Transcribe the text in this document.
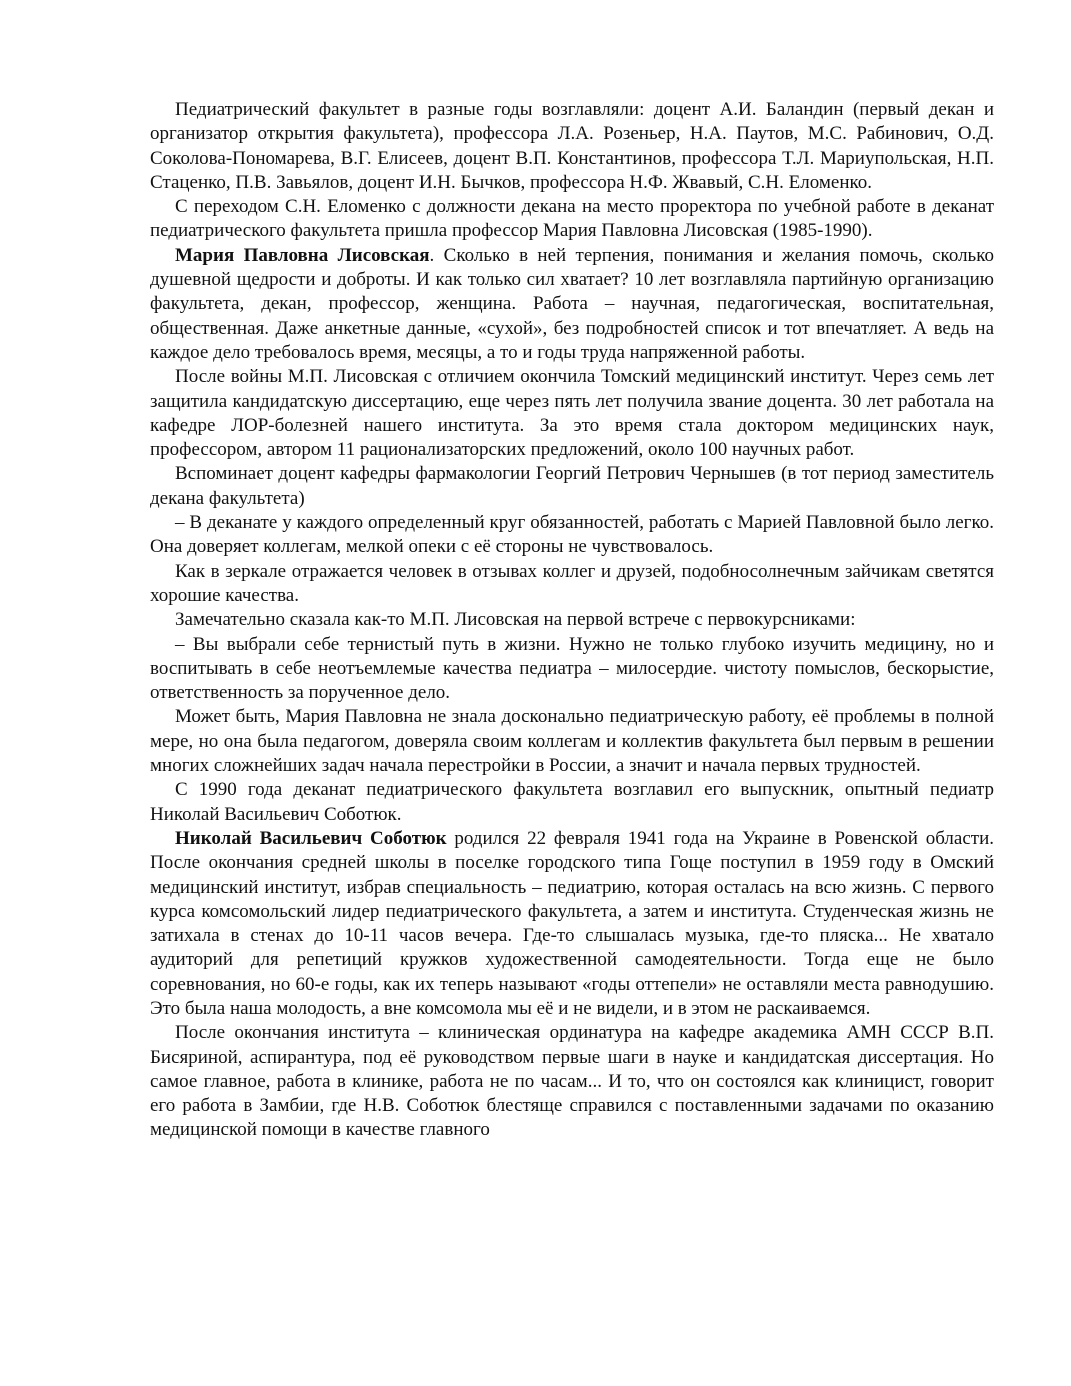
Педиатрический факультет в разные годы возглавляли: доцент А.И. Баландин (первый декан и организатор открытия факультета), профессора Л.А. Розеньер, Н.А. Паутов, М.С. Рабинович, О.Д. Соколова-Пономарева, В.Г. Елисеев, доцент В.П. Константинов, профессора Т.Л. Мариупольская, Н.П. Стаценко, П.В. Завьялов, доцент И.Н. Бычков, профессора Н.Ф. Жвавый, С.Н. Еломенко.

С переходом С.Н. Еломенко с должности декана на место проректора по учебной работе в деканат педиатрического факультета пришла профессор Мария Павловна Лисовская (1985-1990).

Мария Павловна Лисовская. Сколько в ней терпения, понимания и желания помочь, сколько душевной щедрости и доброты. И как только сил хватает? 10 лет возглавляла партийную организацию факультета, декан, профессор, женщина. Работа – научная, педагогическая, воспитательная, общественная. Даже анкетные данные, «сухой», без подробностей список и тот впечатляет. А ведь на каждое дело требовалось время, месяцы, а то и годы труда напряженной работы.

После войны М.П. Лисовская с отличием окончила Томский медицинский институт. Через семь лет защитила кандидатскую диссертацию, еще через пять лет получила звание доцента. 30 лет работала на кафедре ЛОР-болезней нашего института. За это время стала доктором медицинских наук, профессором, автором 11 рационализаторских предложений, около 100 научных работ.

Вспоминает доцент кафедры фармакологии Георгий Петрович Чернышев (в тот период заместитель декана факультета)

– В деканате у каждого определенный круг обязанностей, работать с Марией Павловной было легко. Она доверяет коллегам, мелкой опеки с её стороны не чувствовалось.

Как в зеркале отражается человек в отзывах коллег и друзей, подобносолнечным зайчикам светятся хорошие качества.

Замечательно сказала как-то М.П. Лисовская на первой встрече с первокурсниками:

– Вы выбрали себе тернистый путь в жизни. Нужно не только глубоко изучить медицину, но и воспитывать в себе неотъемлемые качества педиатра – милосердие. чистоту помыслов, бескорыстие, ответственность за порученное дело.

Может быть, Мария Павловна не знала досконально педиатрическую работу, её проблемы в полной мере, но она была педагогом, доверяла своим коллегам и коллектив факультета был первым в решении многих сложнейших задач начала перестройки в России, а значит и начала первых трудностей.

С 1990 года деканат педиатрического факультета возглавил его выпускник, опытный педиатр Николай Васильевич Соботюк.

Николай Васильевич Соботюк родился 22 февраля 1941 года на Украине в Ровенской области. После окончания средней школы в поселке городского типа Гоще поступил в 1959 году в Омский медицинский институт, избрав специальность – педиатрию, которая осталась на всю жизнь. С первого курса комсомольский лидер педиатрического факультета, а затем и института. Студенческая жизнь не затихала в стенах до 10-11 часов вечера. Где-то слышалась музыка, где-то пляска... Не хватало аудиторий для репетиций кружков художественной самодеятельности. Тогда еще не было соревнования, но 60-е годы, как их теперь называют «годы оттепели» не оставляли места равнодушию. Это была наша молодость, а вне комсомола мы её и не видели, и в этом не раскаиваемся.

После окончания института – клиническая ординатура на кафедре академика АМН СССР В.П. Бисяриной, аспирантура, под её руководством первые шаги в науке и кандидатская диссертация. Но самое главное, работа в клинике, работа не по часам... И то, что он состоялся как клиницист, говорит его работа в Замбии, где Н.В. Соботюк блестяще справился с поставленными задачами по оказанию медицинской помощи в качестве главного
